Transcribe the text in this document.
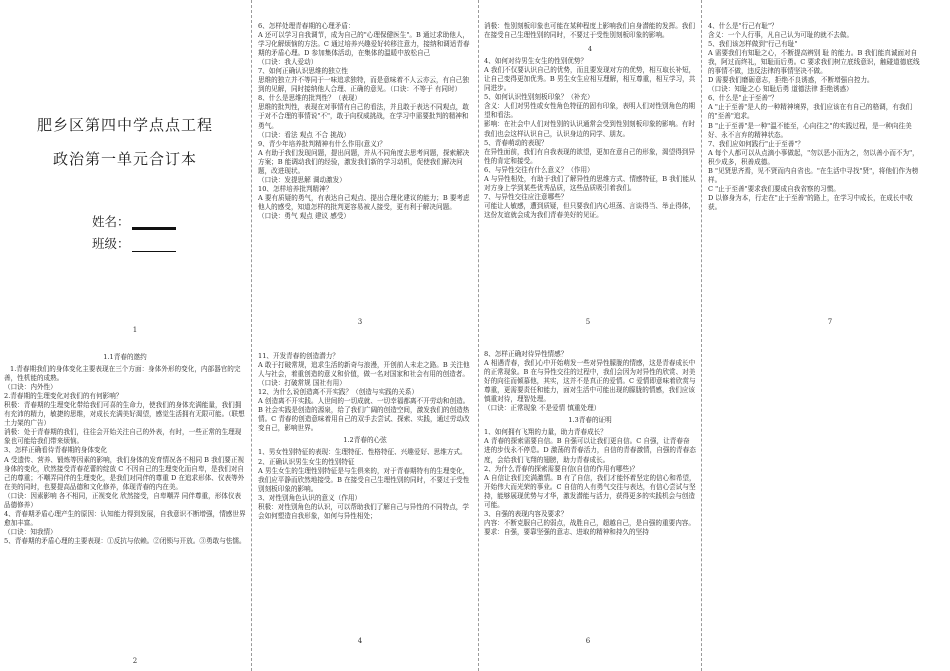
肥乡区第四中学点点工程
政治第一单元合订本
姓名：
班级：
1

1.1青春的邀约

1.青春期我们的身体变化主要表现在三个方面：身体外形的变化，内部器官的完善，性机能的成熟。

（口诀：内外性）

2.青春期的生理变化对我们的有何影响？

积极：青春期的生理变化带给我们可喜的生命力，使我们的身体充满能量，我们拥有充沛的精力，敏捷的思维，对成长充满美好渴望，感觉生活拥有无限可能。（联想土力架的广告）

消极：处于青春期的我们，往往会开始关注自己的外表，有时，一些正常的生理现象也可能给我们带来烦恼。

3、怎样正确看待青春期的身体变化

A 受遗传、营养、锻炼等因素的影响，我们身体的发育情况各不相同 B 我们要正视身体的变化，欣然接受青春花蕾的绽放 C 不因自己的生理变化而自卑，是我们对自己的尊重；不嘲弄同伴的生理变化，是我们对同伴的尊重 D 在追求形体、仪表等外在美的同时，也要提高品德和文化修养，体现青春的内在美。

（口诀：因素影响 各不相同，正视变化 欣然接受，自卑嘲弄 同伴尊重，形体仪表 品德修养）

4、青春期矛盾心理产生的原因：认知能力得到发展，自我意识不断增强，情感世界愈加丰富。

（口诀：知我情）

5、青春期的矛盾心理的主要表现：①反抗与依赖。②闭锁与开放。③勇敢与怯懦。

2

6、怎样处理青春期的心理矛盾：

A 还可以学习自我调节，成为自己的"心理保健医生"。B 通过求助他人，学习化解烦恼的方法。C 通过培养兴趣爱好转移注意力，接纳和调适青春期的矛盾心理。D 参加集体活动，在集体的温暖中放松自己

（口诀：我人爱动）

7、如何正确认识思维的独立性

思维的独立并不等同于一味追求独特，而是意味着不人云亦云，有自己独到的见解，同时接纳他人合理、正确的意见。（口诀：不等于 有同时）

8、什么是思维的批判性？（表现）

思维的批判性，表现在对事情有自己的看法，并且敢于表达不同观点，敢于对不合理的事情说"不"，敢于向权威挑战，在学习中需要批判的精神和勇气。

（口诀：看法 观点 不合 挑战）

9、青少年培养批判精神有什么作用(意义)？

A 有助于我们发现问题，提出问题，并从不同角度去思考问题，探索解决方案；B 能调动我们的经验，激发我们新的学习动机，促使我们解决问题，改进现状。

（口诀：发提思解 调动激发）

10、怎样培养批判精神？

A 要有质疑的勇气，有表达自己观点、提出合理化建议的能力；B 要考虑他人的感受，知道怎样的批判更容易被人接受，更有利于解决问题。

（口诀：勇气 观点 建议 感受）

3

11、开发青春的创造潜力？

A 敢于打破常规，追求生活的新奇与浪漫，开创前人未走之路。B 关注他人与社会，着重创造的意义和价值，做一名对国家和社会有用的创造者。

（口诀：打破常规 国社有用）

12、为什么说创造离不开实践？（创造与实践的关系）

A 创造离不开实践。人世间的一切成就、一切幸福都离不开劳动和创造。B 社会实践是创造的源泉，给了我们广阔的创造空间，激发我们的创造热情。C 青春的创造意味着用自己的双手去尝试、探索、实践，通过劳动改变自己，影响世界。

1.2青春的心弦

1、男女性别特征的表现：生理特征、性格特征、兴趣爱好、思维方式。

2、正确认识男生女生的性别特征

A 男生女生的生理性别特征是与生俱来的，对于青春期特有的生理变化，我们应平静而欣然地接受。B 在接受自己生理性别的同时，不要过于受性别刻板印象的影响。

3、对性别角色认识的意义（作用）

积极：对性别角色的认识，可以帮助我们了解自己与异性的不同特点，学会如何塑造自我形象，如何与异性相处；

4

消极：性别刻板印象也可能在某种程度上影响我们自身潜能的发挥。我们在接受自己生理性别的同时，不要过于受性别刻板印象的影响。

4

4、如何对待男生女生的性别优势？

A 我们不仅要认识自己的优势，而且要发现对方的优势，相互取长补短，让自己变得更加优秀。B 男生女生应相互理解，相互尊重，相互学习，共同进步。

5、如何认识性别刻板印象？（补充）

含义：人们对男性或女性角色特征的固有印象，表明人们对性别角色的期望和看法。

影响：在社会中人们对性别的认识通常会受到性别刻板印象的影响。有时我们也会这样认识自己，认识身边的同学、朋友。

5、青春萌动的表现？

在异性面前，我们有自我表现的欲望，更加在意自己的形象，渴望得到异性的肯定和接受。

6、与异性交往有什么意义？（作用）

A 与异性相处，有助于我们了解异性的思维方式、情感特征，B 我们能从对方身上学到某些优秀品质，这些品质吸引着我们。

7、与异性交往应注意哪些？

可能让人敏感，遭到质疑，但只要我们内心坦荡、言谈得当、举止得体，这份友谊就会成为我们青春美好的见证。

5

8、怎样正确对待异性情感？

A 相遇青春，我们心中开始萌发一些对异性朦胧的情感，这是青春成长中的正常现象。B 在与异性交往的过程中，我们会因为对异性的欣赏、对美好的向往而倾慕他，其实，这并不是真正的爱情。C 爱情即意味着欣赏与尊重，更需要责任和能力，面对生活中可能出现的朦胧的情感，我们应该慎重对待，理智处理。

（口诀：正常现象 不是爱情 慎重处理）

1.3青春的证明

1、如何拥有飞翔的力量，助力青春成长？

A 青春的探索需要自信。B 自强可以让我们更自信。C 自强，让青春奋进的步伐永不停息。D 激荡的青春活力，自信的青春激情，自强的青春态度，会给我们飞翔的翅膀，助力青春成长。

2、为什么青春的探索需要自信(自信的作用有哪些)？

A 自信让我们充满激情。B 有了自信，我们才能怀着坚定的信心和希望，开始伟大而光荣的事业。C 自信的人有勇气交往与表达，有信心尝试与坚持，能够展现优势与才华，激发潜能与活力，获得更多的实践机会与创造可能。

3、自强的表现内容及要求？

内容：不断克服自己的弱点，战胜自己，超越自己，是自强的重要内容。要求：自强，要靠坚强的意志、进取的精神和持久的坚持

6

4、什么是"行己有耻"？

含义：一个人行事，凡自己认为可耻的就不去做。

5、我们该怎样做到"行己有耻"

A 需要我们有知耻之心，不断提高辨别 耻 的能力。B 我们能真诚面对自我，阿过而终礼，知耻而后勇。C 要求我们树立底线意识，触碰道德底线的事情不做，违反法律的事情坚决不做。

D 需要我们磨砺意志，拒绝不良诱惑，不断增强自控力。

（口诀：知耻之心 知耻后勇 道德法律 拒绝诱惑）

6、什么是"止于至善"？

A "止于至善"是人的一种精神境界，我们应该在有自己的格调，有我们的"至善"追求。

B "止于至善"是一种"温不能至，心向往之"的实践过程，是一种向往美好、永不言弃的精神状态。

7、我们应如何践行"止于至善"？

A 每个人都可以从点滴小事做起，"勿以恶小而为之，勿以善小而不为"，积少成多，积善成德。

B "见贤思齐焉，见不贤而内自省也。"在生活中寻找"贤"，将他们作为榜样。

C "止于至善"要求我们要成自我省察的习惯。

D 以修身为本，行走在"止于至善"的路上，在学习中成长，在成长中收获。

7
